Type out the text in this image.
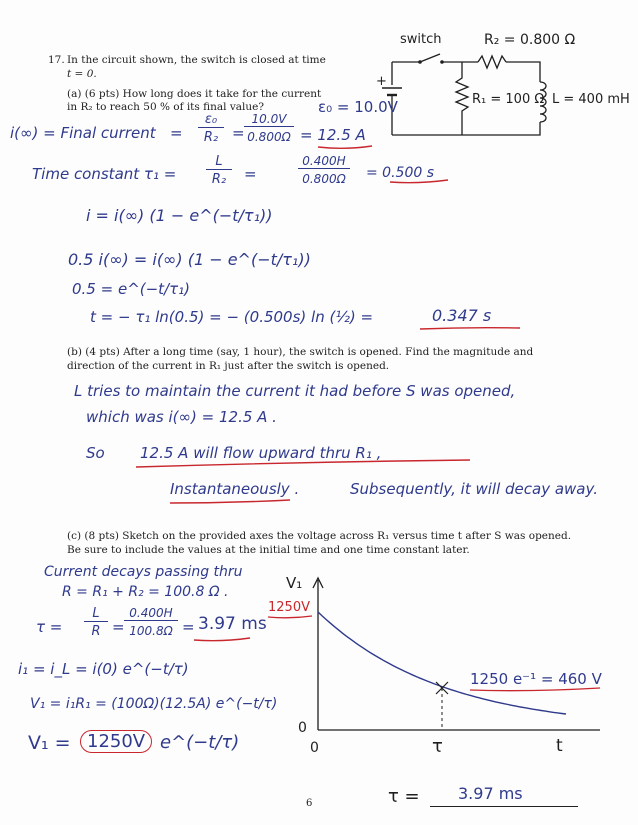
17. In the circuit shown, the switch is closed at time
t = 0.
(a) (6 pts) How long does it take for the current
in R₂ to reach 50 % of its final value?
switch	R₂ = 0.800 Ω
R₁ = 100 Ω L = 400 mH
+
ε₀ = 10.0V
i(∞) = Final current =
ε₀
R₂ =
10.0V
0.800Ω = 12.5 A
Time constant τ₁ =
L
R₂	=
0.400H
0.800Ω	= 0.500 s
i = i(∞) (1 − e^(−t/τ₁))
0.5 i(∞) = i(∞) (1 − e^(−t/τ₁))
0.5 = e^(−t/τ₁)
t = − τ₁ ln(0.5) = − (0.500s) ln (½) =	0.347 s
(b) (4 pts) After a long time (say, 1 hour), the switch is opened. Find the magnitude and
direction of the current in R₁ just after the switch is opened.
L tries to maintain the current it had before S was opened,
which was i(∞) = 12.5 A .
So 12.5 A will flow upward thru R₁ ,
Instantaneously .	Subsequently, it will decay away.
(c) (8 pts) Sketch on the provided axes the voltage across R₁ versus time t after S was opened.
Be sure to include the values at the initial time and one time constant later.
Current decays passing thru
R = R₁ + R₂ = 100.8 Ω .
τ =
L
R =
0.400H
100.8Ω = 3.97 ms
i₁ = i_L = i(0) e^(−t/τ)
V₁ = i₁R₁ = (100Ω)(12.5A) e^(−t/τ)
V₁ = 1250V e^(−t/τ)
V₁
1250V
0
0	τ	t
1250 e⁻¹ = 460 V
τ = 3.97 ms
6
